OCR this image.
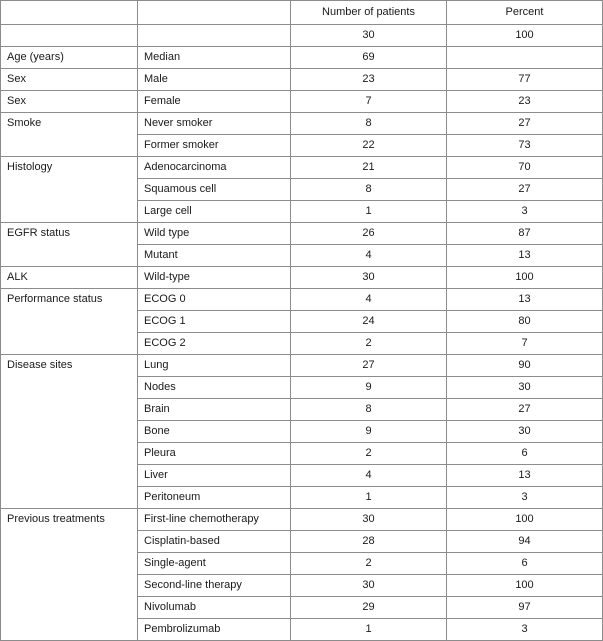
		Number of patients	Percent
		30	100
Age (years)	Median	69	
Sex	Male	23	77
Sex	Female	7	23
Smoke	Never smoker	8	27
	Former smoker	22	73
Histology	Adenocarcinoma	21	70
	Squamous cell	8	27
	Large cell	1	3
EGFR status	Wild type	26	87
	Mutant	4	13
ALK	Wild-type	30	100
Performance status	ECOG 0	4	13
	ECOG 1	24	80
	ECOG 2	2	7
Disease sites	Lung	27	90
	Nodes	9	30
	Brain	8	27
	Bone	9	30
	Pleura	2	6
	Liver	4	13
	Peritoneum	1	3
Previous treatments	First-line chemotherapy	30	100
	Cisplatin-based	28	94
	Single-agent	2	6
	Second-line therapy	30	100
	Nivolumab	29	97
	Pembrolizumab	1	3
